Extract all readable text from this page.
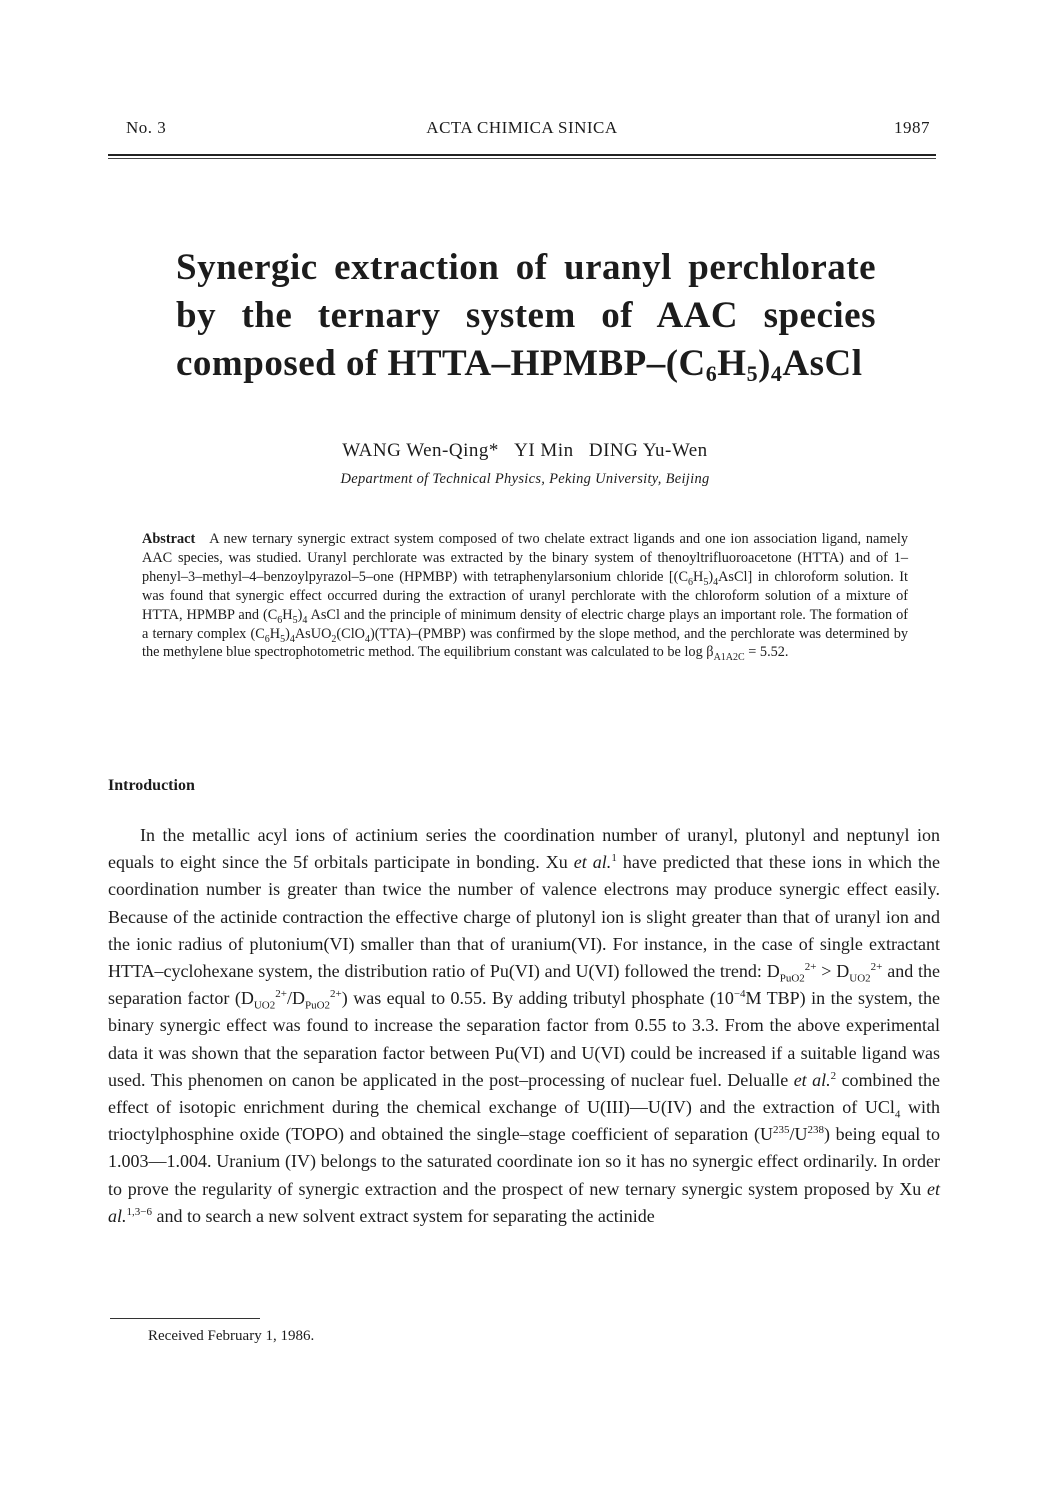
No. 3	ACTA CHIMICA SINICA	1987
Synergic extraction of uranyl perchlorate
by the ternary system of AAC species
composed of HTTA–$HPMBP-(C_6H_5)_4AsCl$
WANG Wen-Qing* YI Min DING Yu-Wen
Department of Technical Physics, Peking University, Beijing
Abstract A new ternary synergic extract system composed of two chelate extract ligands and one ion association ligand, namely AAC species, was studied. Uranyl perchlorate was extracted by the binary system of thenoyltrifluoroacetone (HTTA) and of 1–phenyl–3–methyl–4–benzoylpyrazol–5–one (HPMBP) with tetraphenylarsonium chloride $[(C_6H_5)_4AsCl]$ in chloroform solution. It was found that synergic effect occurred during the extraction of uranyl perchlorate with the chloroform solution of a mixture of HTTA, HPMBP and $(C_6H_5)_4$ AsCl and the principle of minimum density of electric charge plays an important role. The formation of a ternary complex $(C_6H_5)_4AsUO_2(ClO_4)(TTA)-(PMBP)$ was confirmed by the slope method, and the perchlorate was determined by the methylene blue spectrophotometric method. The equilibrium constant was calculated to be $\log \beta_{A1A2C} = 5.52$.
Introduction

In the metallic acyl ions of actinium series the coordination number of uranyl, plutonyl and neptunyl ion equals to eight since the 5f orbitals participate in bonding. Xu et al.$^1$ have predicted that these ions in which the coordination number is greater than twice the number of valence electrons may produce synergic effect easily. Because of the actinide contraction the effective charge of plutonyl ion is slight greater than that of uranyl ion and the ionic radius of plutonium(VI) smaller than that of uranium(VI). For instance, in the case of single extractant HTTA–cyclohexane system, the distribution ratio of Pu(VI) and U(VI) followed the trend: $D_{PuO2}^{2+} > D_{UO2}^{2+}$ and the separation factor $(D_{UO2}^{2+}/D_{PuO2}^{2+})$ was equal to 0.55. By adding tributyl phosphate ($10^{-4}M$ TBP) in the system, the binary synergic effect was found to increase the separation factor from 0.55 to 3.3. From the above experimental data it was shown that the separation factor between Pu(VI) and U(VI) could be increased if a suitable ligand was used. This phenomen on canon be applicated in the post–processing of nuclear fuel. Delualle et al.$^2$ combined the effect of isotopic enrichment during the chemical exchange of U(III)—U(IV) and the extraction of UCl$_4$ with trioctylphosphine oxide (TOPO) and obtained the single–stage coefficient of separation $(U^{235}/U^{238})$ being equal to 1.003—1.004. Uranium (IV) belongs to the saturated coordinate ion so it has no synergic effect ordinarily. In order to prove the regularity of synergic extraction and the prospect of new ternary synergic system proposed by Xu et al.$^{1,3-6}$ and to search a new solvent extract system for separating the actinide

Received February 1, 1986.
